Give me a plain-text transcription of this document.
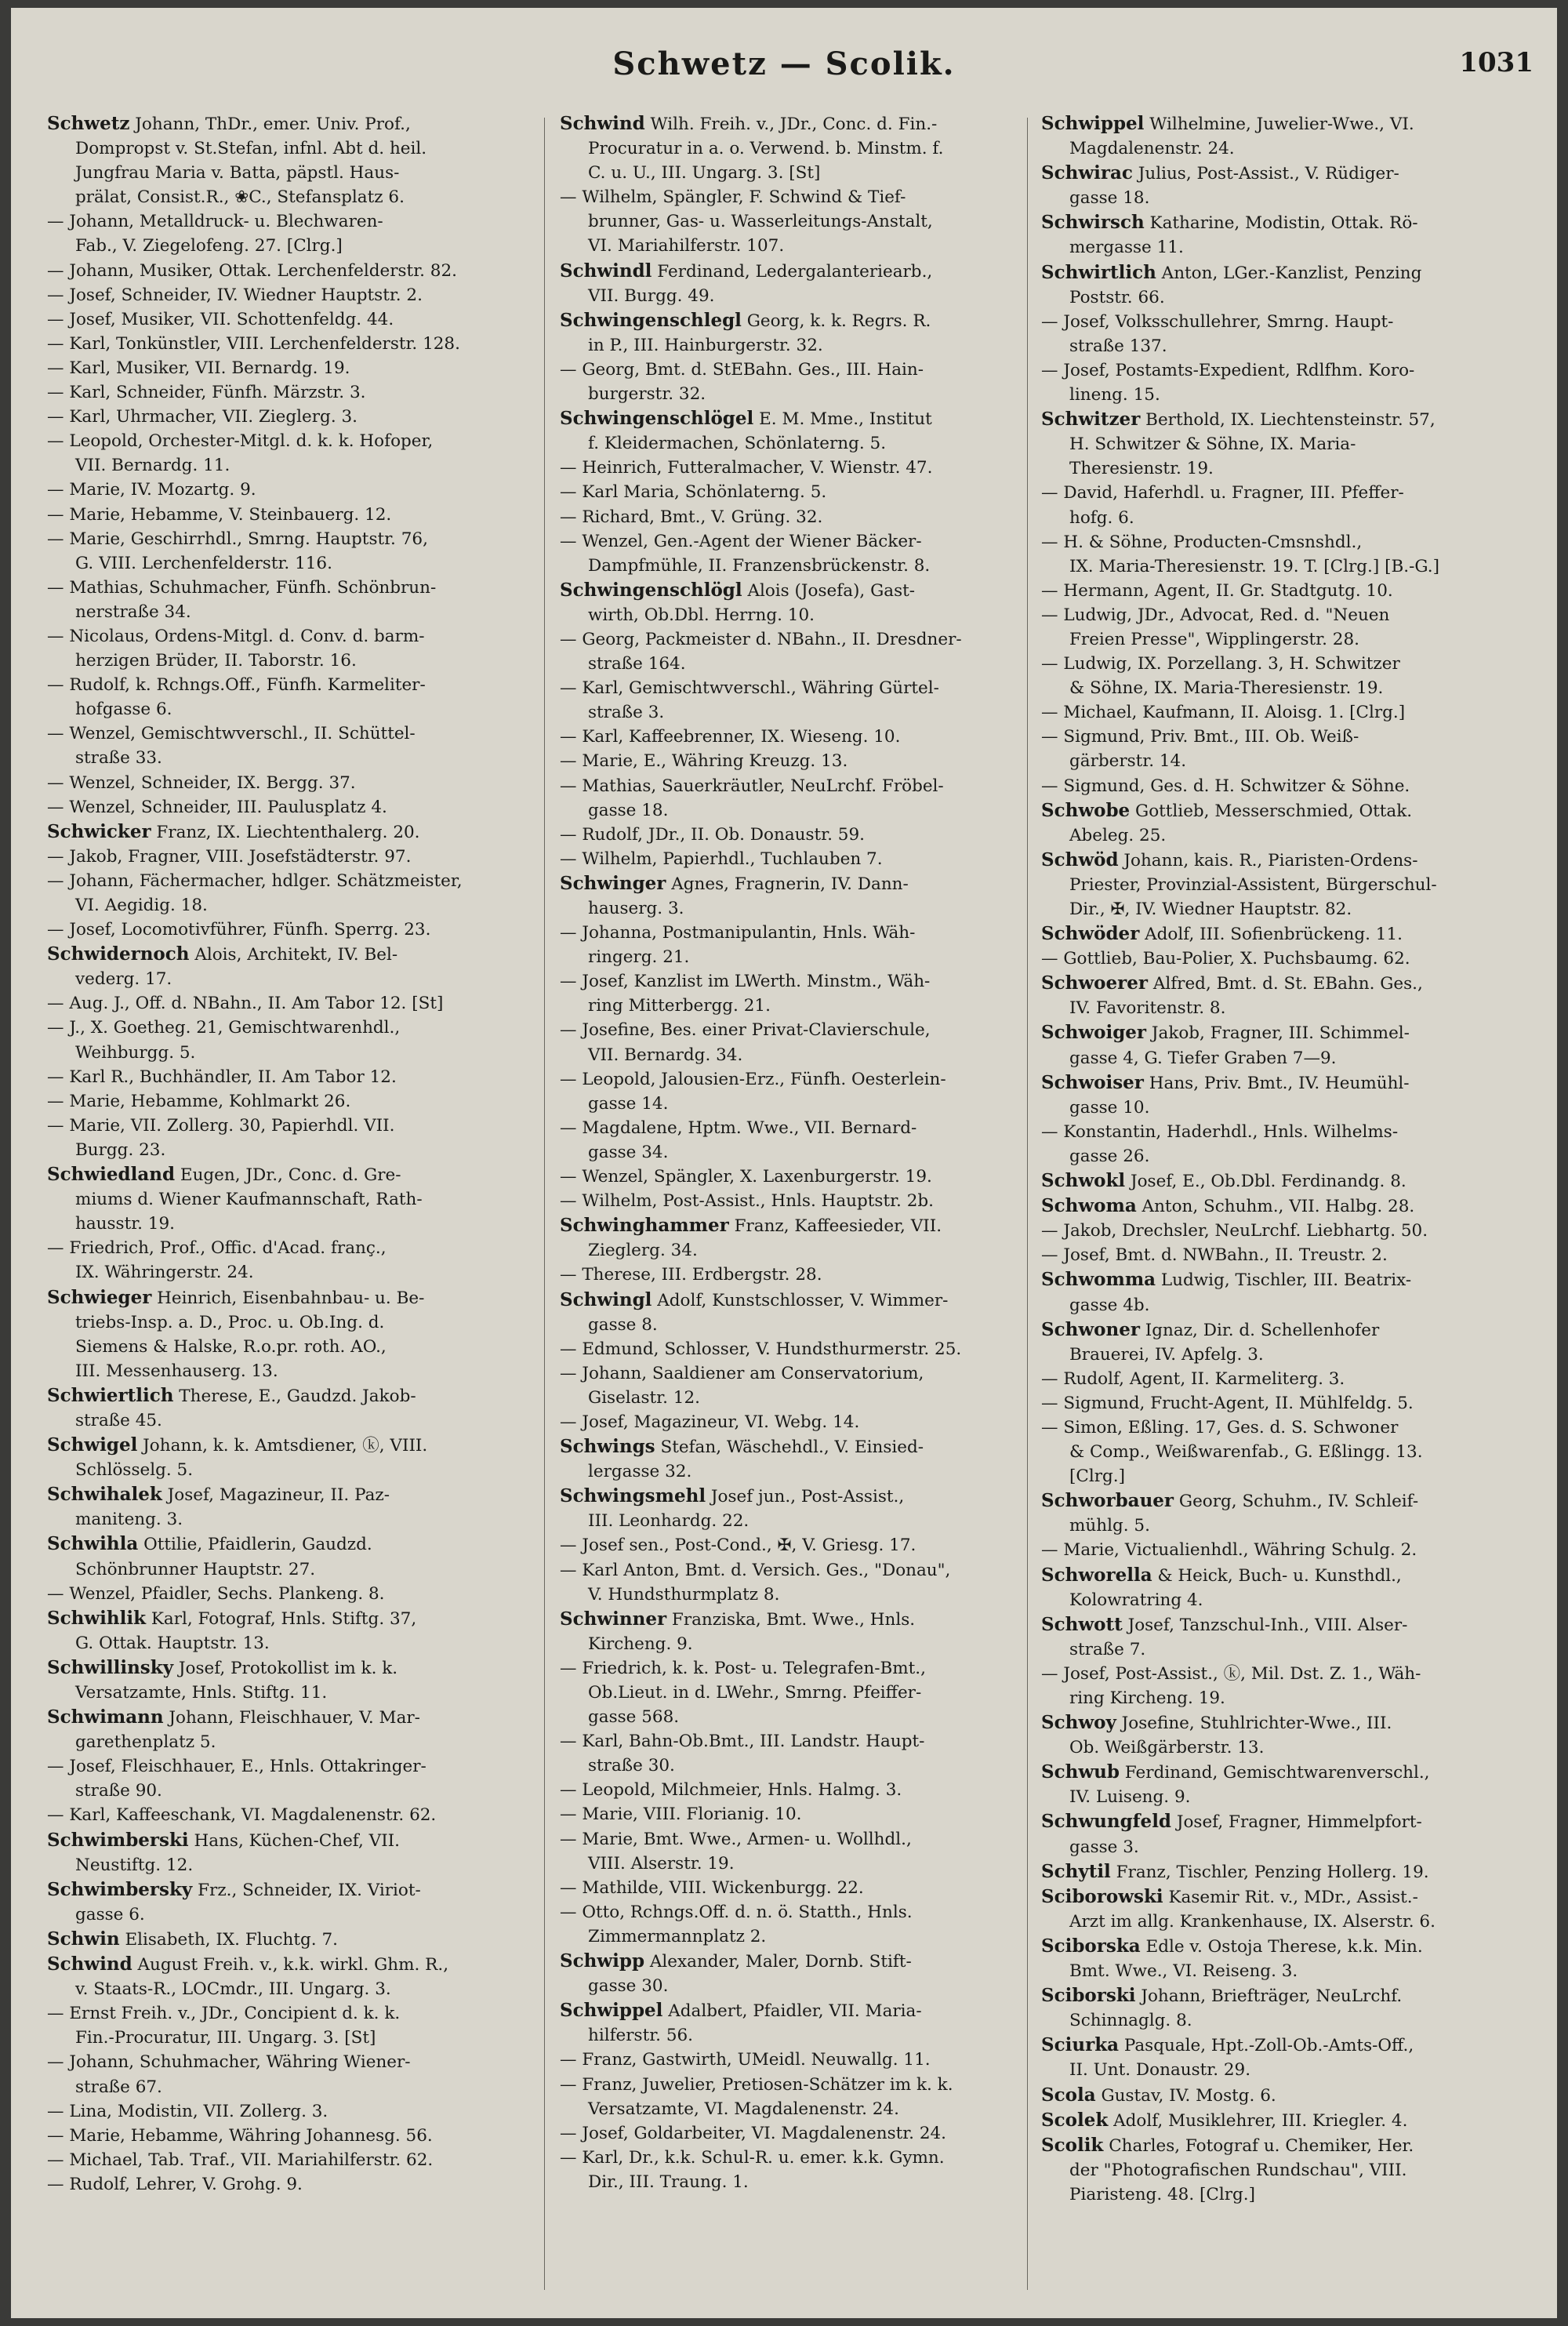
Schwetz — Scolik.	1031
Schwetz Johann, ThDr., emer. Univ. Prof.,
Dompropst v. St.Stefan, infnl. Abt d. heil.
Jungfrau Maria v. Batta, päpstl. Haus-
prälat, Consist.R., ❀C., Stefansplatz 6.
— Johann, Metalldruck- u. Blechwaren-
Fab., V. Ziegelofeng. 27. [Clrg.]
— Johann, Musiker, Ottak. Lerchenfelderstr. 82.
— Josef, Schneider, IV. Wiedner Hauptstr. 2.
— Josef, Musiker, VII. Schottenfeldg. 44.
— Karl, Tonkünstler, VIII. Lerchenfelderstr. 128.
— Karl, Musiker, VII. Bernardg. 19.
— Karl, Schneider, Fünfh. Märzstr. 3.
— Karl, Uhrmacher, VII. Zieglerg. 3.
— Leopold, Orchester-Mitgl. d. k. k. Hofoper,
VII. Bernardg. 11.
— Marie, IV. Mozartg. 9.
— Marie, Hebamme, V. Steinbauerg. 12.
— Marie, Geschirrhdl., Smrng. Hauptstr. 76,
G. VIII. Lerchenfelderstr. 116.
— Mathias, Schuhmacher, Fünfh. Schönbrun-
nerstraße 34.
— Nicolaus, Ordens-Mitgl. d. Conv. d. barm-
herzigen Brüder, II. Taborstr. 16.
— Rudolf, k. Rchngs.Off., Fünfh. Karmeliter-
hofgasse 6.
— Wenzel, Gemischtwverschl., II. Schüttel-
straße 33.
— Wenzel, Schneider, IX. Bergg. 37.
— Wenzel, Schneider, III. Paulusplatz 4.
Schwicker Franz, IX. Liechtenthalerg. 20.
— Jakob, Fragner, VIII. Josefstädterstr. 97.
— Johann, Fächermacher, hdlger. Schätzmeister,
VI. Aegidig. 18.
— Josef, Locomotivführer, Fünfh. Sperrg. 23.
Schwidernoch Alois, Architekt, IV. Bel-
vederg. 17.
— Aug. J., Off. d. NBahn., II. Am Tabor 12. [St]
— J., X. Goetheg. 21, Gemischtwarenhdl.,
Weihburgg. 5.
— Karl R., Buchhändler, II. Am Tabor 12.
— Marie, Hebamme, Kohlmarkt 26.
— Marie, VII. Zollerg. 30, Papierhdl. VII.
Burgg. 23.
Schwiedland Eugen, JDr., Conc. d. Gre-
miums d. Wiener Kaufmannschaft, Rath-
hausstr. 19.
— Friedrich, Prof., Offic. d'Acad. franç.,
IX. Währingerstr. 24.
Schwieger Heinrich, Eisenbahnbau- u. Be-
triebs-Insp. a. D., Proc. u. Ob.Ing. d.
Siemens & Halske, R.o.pr. roth. AO.,
III. Messenhauserg. 13.
Schwiertlich Therese, E., Gaudzd. Jakob-
straße 45.
Schwigel Johann, k. k. Amtsdiener, ⓚ, VIII.
Schlösselg. 5.
Schwihalek Josef, Magazineur, II. Paz-
maniteng. 3.
Schwihla Ottilie, Pfaidlerin, Gaudzd.
Schönbrunner Hauptstr. 27.
— Wenzel, Pfaidler, Sechs. Plankeng. 8.
Schwihlik Karl, Fotograf, Hnls. Stiftg. 37,
G. Ottak. Hauptstr. 13.
Schwillinsky Josef, Protokollist im k. k.
Versatzamte, Hnls. Stiftg. 11.
Schwimann Johann, Fleischhauer, V. Mar-
garethenplatz 5.
— Josef, Fleischhauer, E., Hnls. Ottakringer-
straße 90.
— Karl, Kaffeeschank, VI. Magdalenenstr. 62.
Schwimberski Hans, Küchen-Chef, VII.
Neustiftg. 12.
Schwimbersky Frz., Schneider, IX. Viriot-
gasse 6.
Schwin Elisabeth, IX. Fluchtg. 7.
Schwind August Freih. v., k.k. wirkl. Ghm. R.,
v. Staats-R., LOCmdr., III. Ungarg. 3.
— Ernst Freih. v., JDr., Concipient d. k. k.
Fin.-Procuratur, III. Ungarg. 3. [St]
— Johann, Schuhmacher, Währing Wiener-
straße 67.
— Lina, Modistin, VII. Zollerg. 3.
— Marie, Hebamme, Währing Johannesg. 56.
— Michael, Tab. Traf., VII. Mariahilferstr. 62.
— Rudolf, Lehrer, V. Grohg. 9.
Schwind Wilh. Freih. v., JDr., Conc. d. Fin.-
Procuratur in a. o. Verwend. b. Minstm. f.
C. u. U., III. Ungarg. 3. [St]
— Wilhelm, Spängler, F. Schwind & Tief-
brunner, Gas- u. Wasserleitungs-Anstalt,
VI. Mariahilferstr. 107.
Schwindl Ferdinand, Ledergalanteriearb.,
VII. Burgg. 49.
Schwingenschlegl Georg, k. k. Regrs. R.
in P., III. Hainburgerstr. 32.
— Georg, Bmt. d. StEBahn. Ges., III. Hain-
burgerstr. 32.
Schwingenschlögel E. M. Mme., Institut
f. Kleidermachen, Schönlaterng. 5.
— Heinrich, Futteralmacher, V. Wienstr. 47.
— Karl Maria, Schönlaterng. 5.
— Richard, Bmt., V. Grüng. 32.
— Wenzel, Gen.-Agent der Wiener Bäcker-
Dampfmühle, II. Franzensbrückenstr. 8.
Schwingenschlögl Alois (Josefa), Gast-
wirth, Ob.Dbl. Herrng. 10.
— Georg, Packmeister d. NBahn., II. Dresdner-
straße 164.
— Karl, Gemischtwverschl., Währing Gürtel-
straße 3.
— Karl, Kaffeebrenner, IX. Wieseng. 10.
— Marie, E., Währing Kreuzg. 13.
— Mathias, Sauerkräutler, NeuLrchf. Fröbel-
gasse 18.
— Rudolf, JDr., II. Ob. Donaustr. 59.
— Wilhelm, Papierhdl., Tuchlauben 7.
Schwinger Agnes, Fragnerin, IV. Dann-
hauserg. 3.
— Johanna, Postmanipulantin, Hnls. Wäh-
ringerg. 21.
— Josef, Kanzlist im LWerth. Minstm., Wäh-
ring Mitterbergg. 21.
— Josefine, Bes. einer Privat-Clavierschule,
VII. Bernardg. 34.
— Leopold, Jalousien-Erz., Fünfh. Oesterlein-
gasse 14.
— Magdalene, Hptm. Wwe., VII. Bernard-
gasse 34.
— Wenzel, Spängler, X. Laxenburgerstr. 19.
— Wilhelm, Post-Assist., Hnls. Hauptstr. 2b.
Schwinghammer Franz, Kaffeesieder, VII.
Zieglerg. 34.
— Therese, III. Erdbergstr. 28.
Schwingl Adolf, Kunstschlosser, V. Wimmer-
gasse 8.
— Edmund, Schlosser, V. Hundsthurmerstr. 25.
— Johann, Saaldiener am Conservatorium,
Giselastr. 12.
— Josef, Magazineur, VI. Webg. 14.
Schwings Stefan, Wäschehdl., V. Einsied-
lergasse 32.
Schwingsmehl Josef jun., Post-Assist.,
III. Leonhardg. 22.
— Josef sen., Post-Cond., ✠, V. Griesg. 17.
— Karl Anton, Bmt. d. Versich. Ges., "Donau",
V. Hundsthurmplatz 8.
Schwinner Franziska, Bmt. Wwe., Hnls.
Kircheng. 9.
— Friedrich, k. k. Post- u. Telegrafen-Bmt.,
Ob.Lieut. in d. LWehr., Smrng. Pfeiffer-
gasse 568.
— Karl, Bahn-Ob.Bmt., III. Landstr. Haupt-
straße 30.
— Leopold, Milchmeier, Hnls. Halmg. 3.
— Marie, VIII. Florianig. 10.
— Marie, Bmt. Wwe., Armen- u. Wollhdl.,
VIII. Alserstr. 19.
— Mathilde, VIII. Wickenburgg. 22.
— Otto, Rchngs.Off. d. n. ö. Statth., Hnls.
Zimmermannplatz 2.
Schwipp Alexander, Maler, Dornb. Stift-
gasse 30.
Schwippel Adalbert, Pfaidler, VII. Maria-
hilferstr. 56.
— Franz, Gastwirth, UMeidl. Neuwallg. 11.
— Franz, Juwelier, Pretiosen-Schätzer im k. k.
Versatzamte, VI. Magdalenenstr. 24.
— Josef, Goldarbeiter, VI. Magdalenenstr. 24.
— Karl, Dr., k.k. Schul-R. u. emer. k.k. Gymn.
Dir., III. Traung. 1.
Schwippel Wilhelmine, Juwelier-Wwe., VI.
Magdalenenstr. 24.
Schwirac Julius, Post-Assist., V. Rüdiger-
gasse 18.
Schwirsch Katharine, Modistin, Ottak. Rö-
mergasse 11.
Schwirtlich Anton, LGer.-Kanzlist, Penzing
Poststr. 66.
— Josef, Volksschullehrer, Smrng. Haupt-
straße 137.
— Josef, Postamts-Expedient, Rdlfhm. Koro-
lineng. 15.
Schwitzer Berthold, IX. Liechtensteinstr. 57,
H. Schwitzer & Söhne, IX. Maria-
Theresienstr. 19.
— David, Haferhdl. u. Fragner, III. Pfeffer-
hofg. 6.
— H. & Söhne, Producten-Cmsnshdl.,
IX. Maria-Theresienstr. 19. T. [Clrg.] [B.-G.]
— Hermann, Agent, II. Gr. Stadtgutg. 10.
— Ludwig, JDr., Advocat, Red. d. "Neuen
Freien Presse", Wipplingerstr. 28.
— Ludwig, IX. Porzellang. 3, H. Schwitzer
& Söhne, IX. Maria-Theresienstr. 19.
— Michael, Kaufmann, II. Aloisg. 1. [Clrg.]
— Sigmund, Priv. Bmt., III. Ob. Weiß-
gärberstr. 14.
— Sigmund, Ges. d. H. Schwitzer & Söhne.
Schwobe Gottlieb, Messerschmied, Ottak.
Abeleg. 25.
Schwöd Johann, kais. R., Piaristen-Ordens-
Priester, Provinzial-Assistent, Bürgerschul-
Dir., ✠, IV. Wiedner Hauptstr. 82.
Schwöder Adolf, III. Sofienbrückeng. 11.
— Gottlieb, Bau-Polier, X. Puchsbaumg. 62.
Schwoerer Alfred, Bmt. d. St. EBahn. Ges.,
IV. Favoritenstr. 8.
Schwoiger Jakob, Fragner, III. Schimmel-
gasse 4, G. Tiefer Graben 7—9.
Schwoiser Hans, Priv. Bmt., IV. Heumühl-
gasse 10.
— Konstantin, Haderhdl., Hnls. Wilhelms-
gasse 26.
Schwokl Josef, E., Ob.Dbl. Ferdinandg. 8.
Schwoma Anton, Schuhm., VII. Halbg. 28.
— Jakob, Drechsler, NeuLrchf. Liebhartg. 50.
— Josef, Bmt. d. NWBahn., II. Treustr. 2.
Schwomma Ludwig, Tischler, III. Beatrix-
gasse 4b.
Schwoner Ignaz, Dir. d. Schellenhofer
Brauerei, IV. Apfelg. 3.
— Rudolf, Agent, II. Karmeliterg. 3.
— Sigmund, Frucht-Agent, II. Mühlfeldg. 5.
— Simon, Eßling. 17, Ges. d. S. Schwoner
& Comp., Weißwarenfab., G. Eßlingg. 13.
[Clrg.]
Schworbauer Georg, Schuhm., IV. Schleif-
mühlg. 5.
— Marie, Victualienhdl., Währing Schulg. 2.
Schworella & Heick, Buch- u. Kunsthdl.,
Kolowratring 4.
Schwott Josef, Tanzschul-Inh., VIII. Alser-
straße 7.
— Josef, Post-Assist., ⓚ, Mil. Dst. Z. 1., Wäh-
ring Kircheng. 19.
Schwoy Josefine, Stuhlrichter-Wwe., III.
Ob. Weißgärberstr. 13.
Schwub Ferdinand, Gemischtwarenverschl.,
IV. Luiseng. 9.
Schwungfeld Josef, Fragner, Himmelpfort-
gasse 3.
Schytil Franz, Tischler, Penzing Hollerg. 19.
Sciborowski Kasemir Rit. v., MDr., Assist.-
Arzt im allg. Krankenhause, IX. Alserstr. 6.
Sciborska Edle v. Ostoja Therese, k.k. Min.
Bmt. Wwe., VI. Reiseng. 3.
Sciborski Johann, Briefträger, NeuLrchf.
Schinnaglg. 8.
Sciurka Pasquale, Hpt.-Zoll-Ob.-Amts-Off.,
II. Unt. Donaustr. 29.
Scola Gustav, IV. Mostg. 6.
Scolek Adolf, Musiklehrer, III. Kriegler. 4.
Scolik Charles, Fotograf u. Chemiker, Her.
der "Photografischen Rundschau", VIII.
Piaristeng. 48. [Clrg.]
